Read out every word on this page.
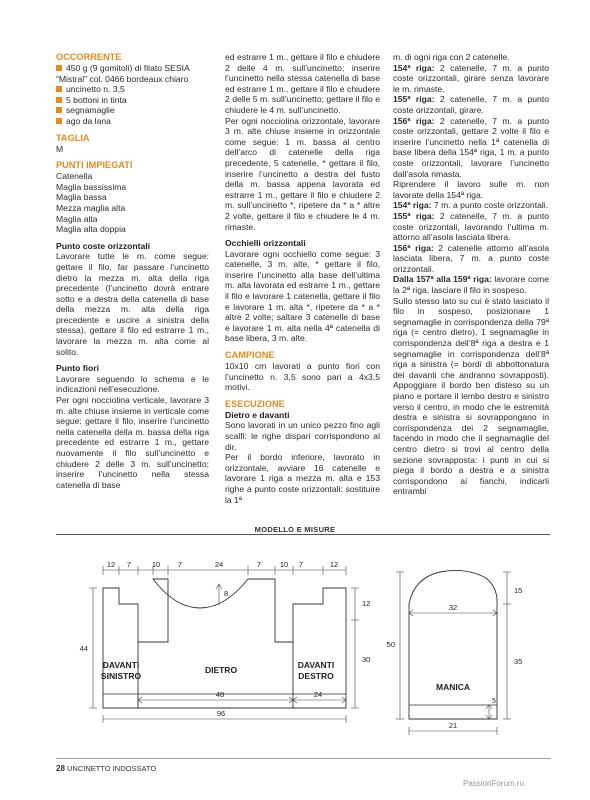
OCCORRENTE

450 g (9 gomitoli) di filato SESIA “Mistral” col. 0466 bordeaux chiaro

uncinetto n. 3,5

5 bottoni in tinta

segnamaglie

ago da lana

TAGLIA

M

PUNTI IMPIEGATI

Catenella

Maglia bassissima

Maglia bassa

Mezza maglia alta

Maglia alta

Maglia alta doppia

Punto coste orizzontali

Lavorare tutte le m. come segue: gettare il filo, far passare l’uncinetto dietro la mezza m. alta della riga precedente (l’uncinetto dovrà entrare sotto e a destra della catenella di base della mezza m. alta della riga precedente e uscire a sinistra della stessa), gettare il filo ed estrarre 1 m., lavorare la mezza m. alta come al solito.

Punto fiori

Lavorare seguendo lo schema e le indicazioni nell’esecuzione.

Per ogni nocciolina verticale, lavorare 3 m. alte chiuse insieme in verticale come segue: gettare il filo, inserire l’uncinetto nella catenella della m. bassa della riga precedente ed estrarre 1 m., gettare nuovamente il filo sull’uncinetto e chiudere 2 delle 3 m. sull’uncinetto; inserire l’uncinetto nella stessa catenella di base

ed estrarre 1 m., gettare il filo e chiudere 2 delle 4 m. sull’uncinetto; inserire l’uncinetto nella stessa catenella di base ed estrarre 1 m., gettare il filo e chiudere 2 delle 5 m. sull’uncinetto; gettare il filo e chiudere le 4 m. sull’uncinetto.

Per ogni nocciolina orizzontale, lavorare 3 m. alte chiuse insieme in orizzontale come segue: 1 m. bassa al centro dell’arco di catenelle della riga precedente, 5 catenelle, * gettare il filo, inserire l’uncinetto a destra del fusto della m. bassa appena lavorata ed estrarre 1 m., gettare il filo e chiudere 2 m. sull’uncinetto *, ripetere da * a * altre 2 volte, gettare il filo e chiudere le 4 m. rimaste.

Occhielli orizzontali

Lavorare ogni occhiello come segue: 3 catenelle, 3 m. alte, * gettare il filo, inserire l’uncinetto alla base dell’ultima m. alta lavorata ed estrarre 1 m., gettare il filo e lavorare 1 catenella, gettare il filo e lavorare 1 m. alta *, ripetere da * a * altre 2 volte; saltare 3 catenelle di base e lavorare 1 m. alta nella 4ª catenella di base libera, 3 m. alte.

CAMPIONE

10x10 cm lavorati a punto fiori con l’uncinetto n. 3,5 sono pari a 4x3,5 motivi.

ESECUZIONE

Dietro e davanti

Sono lavorati in un unico pezzo fino agli scalfi: le righe dispari corrispondono al dir.

Per il bordo inferiore, lavorato in orizzontale, avviare 16 catenelle e lavorare 1 riga a mezza m. alta e 153 righe a punto coste orizzontali: sostituire la 1ª

m. di ogni riga con 2 catenelle.

154ª riga: 2 catenelle, 7 m. a punto coste orizzontali, girare senza lavorare le m. rimaste.

155ª riga: 2 catenelle, 7 m. a punto coste orizzontali, girare.

156ª riga: 2 catenelle, 7 m. a punto coste orizzontali, gettare 2 volte il filo e inserire l’uncinetto nella 1ª catenella di base libera della 154ª riga, 1 m. a punto coste orizzontali, lavorare l’uncinetto dall’asola rimasta.

Riprendere il lavoro sulle m. non lavorate della 154ª riga.

154ª riga: 7 m. a punto coste orizzontali.

155ª riga: 2 catenelle, 7 m. a punto coste orizzontali, lavorando l’ultima m. attorno all’asola lasciata libera.

156ª riga: 2 catenelle attorno all’asola lasciata libera, 7 m. a punto coste orizzontali.

Dalla 157ª alla 159ª riga: lavorare come la 2ª riga, lasciare il filo in sospeso.

Sullo stesso lato su cui è stato lasciato il filo in sospeso, posizionare 1 segnamaglie in corrispondenza della 79ª riga (= centro dietro), 1 segnamaglie in corrispondenza dell’8ª riga a destra e 1 segnamaglie in corrispondenza dell’8ª riga a sinistra (= bordi di abbottonatura dei davanti che andranno sovrapposti). Appoggiare il bordo ben disteso su un piano e portare il lembo destro e sinistro verso il centro, in modo che le estremità destra e sinistra si sovrappongano in corrispondenza dei 2 segnamaglie, facendo in modo che il segnamaglie del centro dietro si trovi al centro della sezione sovrapposta: i punti in cui si piega il bordo a destra e a sinistra corrispondono ai fianchi, indicarli entrambi

MODELLO E MISURE
12 7	10 7	24	7 10 7	12
8
12
30
44
DAVANTI
SINISTRO
DIETRO	DAVANTI
DESTRO
48	24
96
32
50
15
35
5
MANICA
21
28 UNCINETTO INDOSSATO
PassionForum.ru
